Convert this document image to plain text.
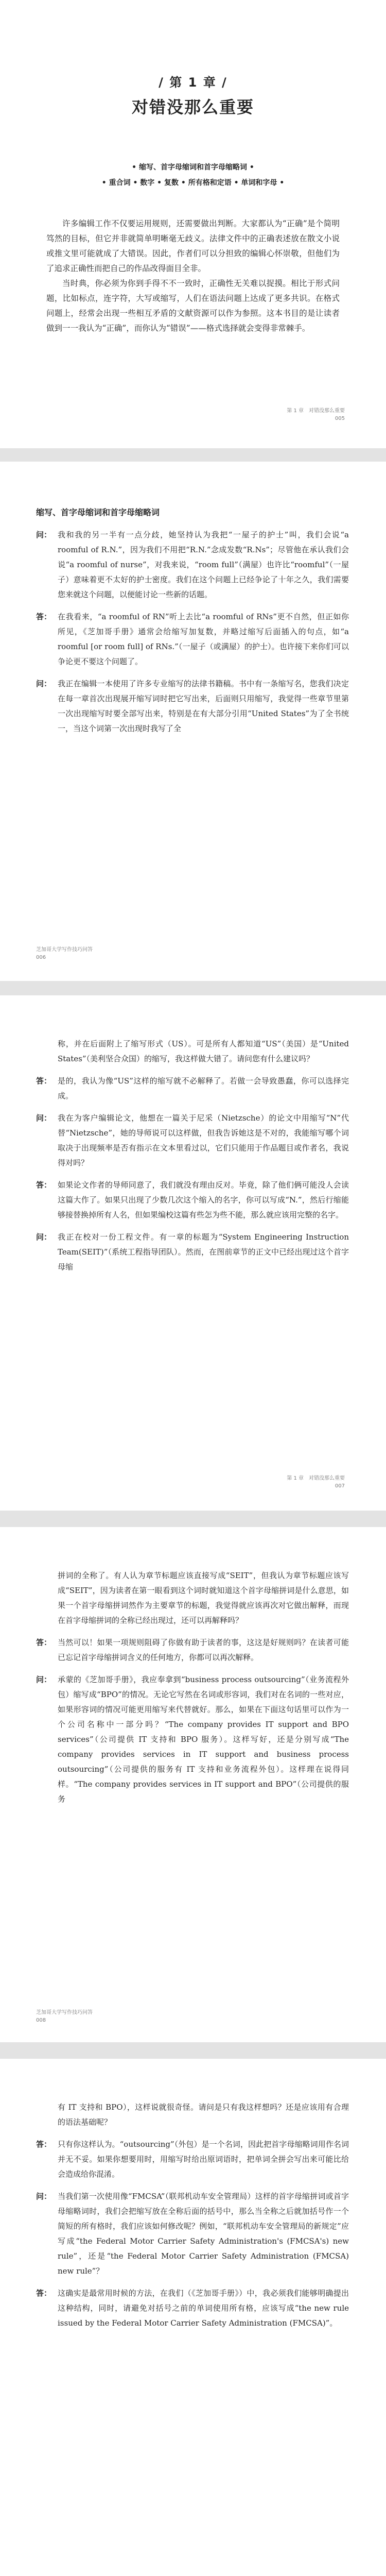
/ 第 1 章 /
对错没那么重要
• 缩写、首字母缩词和首字母缩略词 •
• 重合词 • 数字 • 复数 • 所有格和定语 • 单词和字母 •

许多编辑工作不仅要运用规则，还需要做出判断。大家都认为“正确”是个简明笃然的目标，但它并非就简单明晰毫无歧义。法律文件中的正确表述放在散文小说或推文里可能就成了大错误。因此，作者们可以分担致的编辑心怀崇敬，但他们为了追求正确性而把自己的作品改得面目全非。

当时典，你必须为你到手得不不一致时，正确性无关难以捉摸。相比于形式问题，比如标点，连字符，大写或缩写，人们在语法问题上达成了更多共识。在格式问题上，经常会出现一些相互矛盾的文献资源可以作为参照。这本书目的是让读者做到一一我认为“正确”，而你认为“错误”——格式选择就会变得非常棘手。

第 1 章　对错没那么重要
005
缩写、首字母缩词和首字母缩略词
问： 我和我的另一半有一点分歧，她坚持认为我把“一屋子的护士”叫，我们会说“a roomful of R.N.”，因为我们不用把“R.N.”念成发数“R.Ns”；尽管他在承认我们会说“a roomful of nurse”，对我来说，“room full”（满屋）也许比“roomful”（一屋子）意味着更不太好的护士密度。我们在这个问题上已经争论了十年之久，我们需要您来就这个问题，以便能讨论一些新的话题。
答： 在我看来，“a roomful of RN”听上去比“a roomful of RNs”更不自然，但正如你所见，《芝加哥手册》通常会给缩写加复数，并略过缩写后面插入的句点，如“a roomful [or room full] of RNs.”（一屋子（或满屋）的护士）。也许接下来你们可以争论更不要这个问题了。
问： 我正在编辑一本使用了许多专业缩写的法律书籍稿。书中有一条缩写名，您我们决定在每一章首次出现展开缩写词时把它写出来，后面则只用缩写，我觉得一些章节里第一次出现缩写时要全部写出来，特别是在有大部分引用“United States”为了全书统一，当这个词第一次出现时我写了全
芝加哥大学写作技巧问答
006
称，并在后面附上了缩写形式（US）。可是所有人都知道“US”（美国）是“United States”（美利坚合众国）的缩写，我这样做大错了。请问您有什么建议吗？
答： 是的，我认为像“US”这样的缩写就不必解释了。若做一会导致愚蠢，你可以选择完成。
问： 我在为客户编辑论文，他想在一篇关于尼采（Nietzsche）的论文中用缩写“N”代替“Nietzsche”，她的导师说可以这样做，但我告诉她这是不对的，我能缩写哪个词取决于出现频率是否有指示在文本里看过以，它们只能用于作品题目或作者名，我说得对吗？
答： 如果论文作者的导师同意了，我们就没有理由反对。毕竟，除了他们俩可能没人会读这篇大作了。如果只出现了少数几次这个缩入的名字，你可以写成“N.”，然后行缩能够接替换掉所有人名，但如果编校这篇有些怎为些不能，那么就应该用完整的名字。
问： 我正在校对一份工程文件。有一章的标题为“System Engineering Instruction Team(SEIT)”（系统工程指导团队）。然而，在图前章节的正文中已经出现过这个首字母缩
第 1 章　对错没那么重要
007
拼词的全称了。有人认为章节标题应该直接写成“SEIT”，但我认为章节标题应该写成“SEIT”，因为读者在第一眼看到这个词时就知道这个首字母缩拼词是什么意思，如果一个首字母缩拼词然作为主要章节的标题，我觉得就应该再次对它做出解释，而现在首字母缩拼词的全称已经出现过，还可以再解释吗？
答： 当然可以！如果一项规则阻碍了你做有助于读者的事，这这是好规则吗？在读者可能已忘记首字母缩拼词含义的任何地方，你都可以再次解释。
问： 承蒙的《芝加哥手册》，我应奉拿到“business process outsourcing”（业务流程外包）缩写成“BPO”的情况。无论它写然在名词或形容词，我们对在名词的一些对应，如果形容词的情况可能更用缩写来代替就好。那么，如果在下面这句话里可以作为一个公司名称中一部分吗？“The company provides IT support and BPO services”（公司提供 IT 支持和 BPO 服务）。这样写好，还是分别写成“The company provides services in IT support and business process outsourcing”（公司提供的服务有 IT 支持和业务流程外包）。这样理在说得同样。“The company provides services in IT support and BPO”（公司提供的服务
芝加哥大学写作技巧问答
008
有 IT 支持和 BPO），这样说就很奇怪。请问是只有我这样想吗？还是应该用有合理的语法基础呢？
答： 只有你这样认为。“outsourcing”（外包）是一个名词，因此把首字母缩略词用作名词并无不妥。如果你想要用时，用缩写时给出原词语时，把单词全拼会写出来可能比给会造成给你混淆。
问： 当我们第一次使用像“FMCSA”（联邦机动车安全管理局）这样的首字母缩拼词或首字母缩略词时，我们会把缩写放在全称后面的括号中，那么当全称之后就加括号作一个简短的所有格时，我们应该如何修改呢？例如，“联邦机动车安全管理局的新规定”应写成“the Federal Motor Carrier Safety Administration's (FMCSA's) new rule”，还是“the Federal Motor Carrier Safety Administration (FMCSA) new rule”？
答： 这确实是最常用时候的方法，在我们（《芝加哥手册》）中，我必须我们能够明确提出这种结构，同时，请避免对括号之前的单词使用所有格，应该写成“the new rule issued by the Federal Motor Carrier Safety Administration (FMCSA)”。
